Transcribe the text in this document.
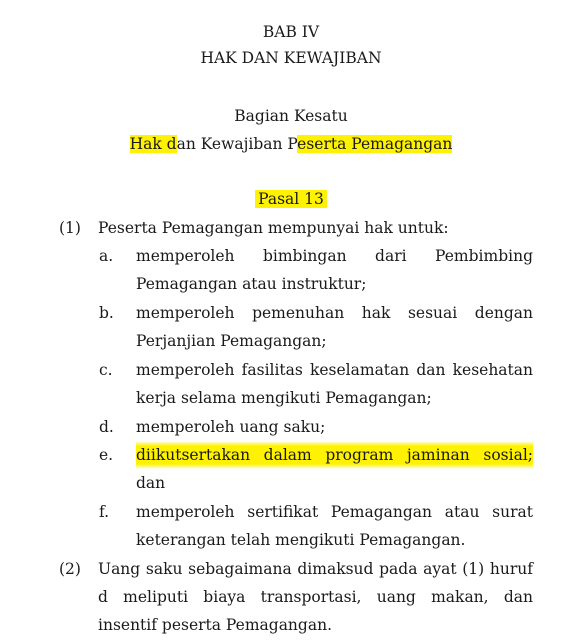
BAB IV
HAK DAN KEWAJIBAN
Bagian Kesatu
Hak dan Kewajiban Peserta Pemagangan
Pasal 13
(1) Peserta Pemagangan mempunyai hak untuk:
a. memperoleh bimbingan dari Pembimbing
Pemagangan atau instruktur;
b. memperoleh pemenuhan hak sesuai dengan
Perjanjian Pemagangan;
c. memperoleh fasilitas keselamatan dan kesehatan
kerja selama mengikuti Pemagangan;
d. memperoleh uang saku;
e. diikutsertakan dalam program jaminan sosial;
dan
f. memperoleh sertifikat Pemagangan atau surat
keterangan telah mengikuti Pemagangan.
(2) Uang saku sebagaimana dimaksud pada ayat (1) huruf
d meliputi biaya transportasi, uang makan, dan
insentif peserta Pemagangan.
